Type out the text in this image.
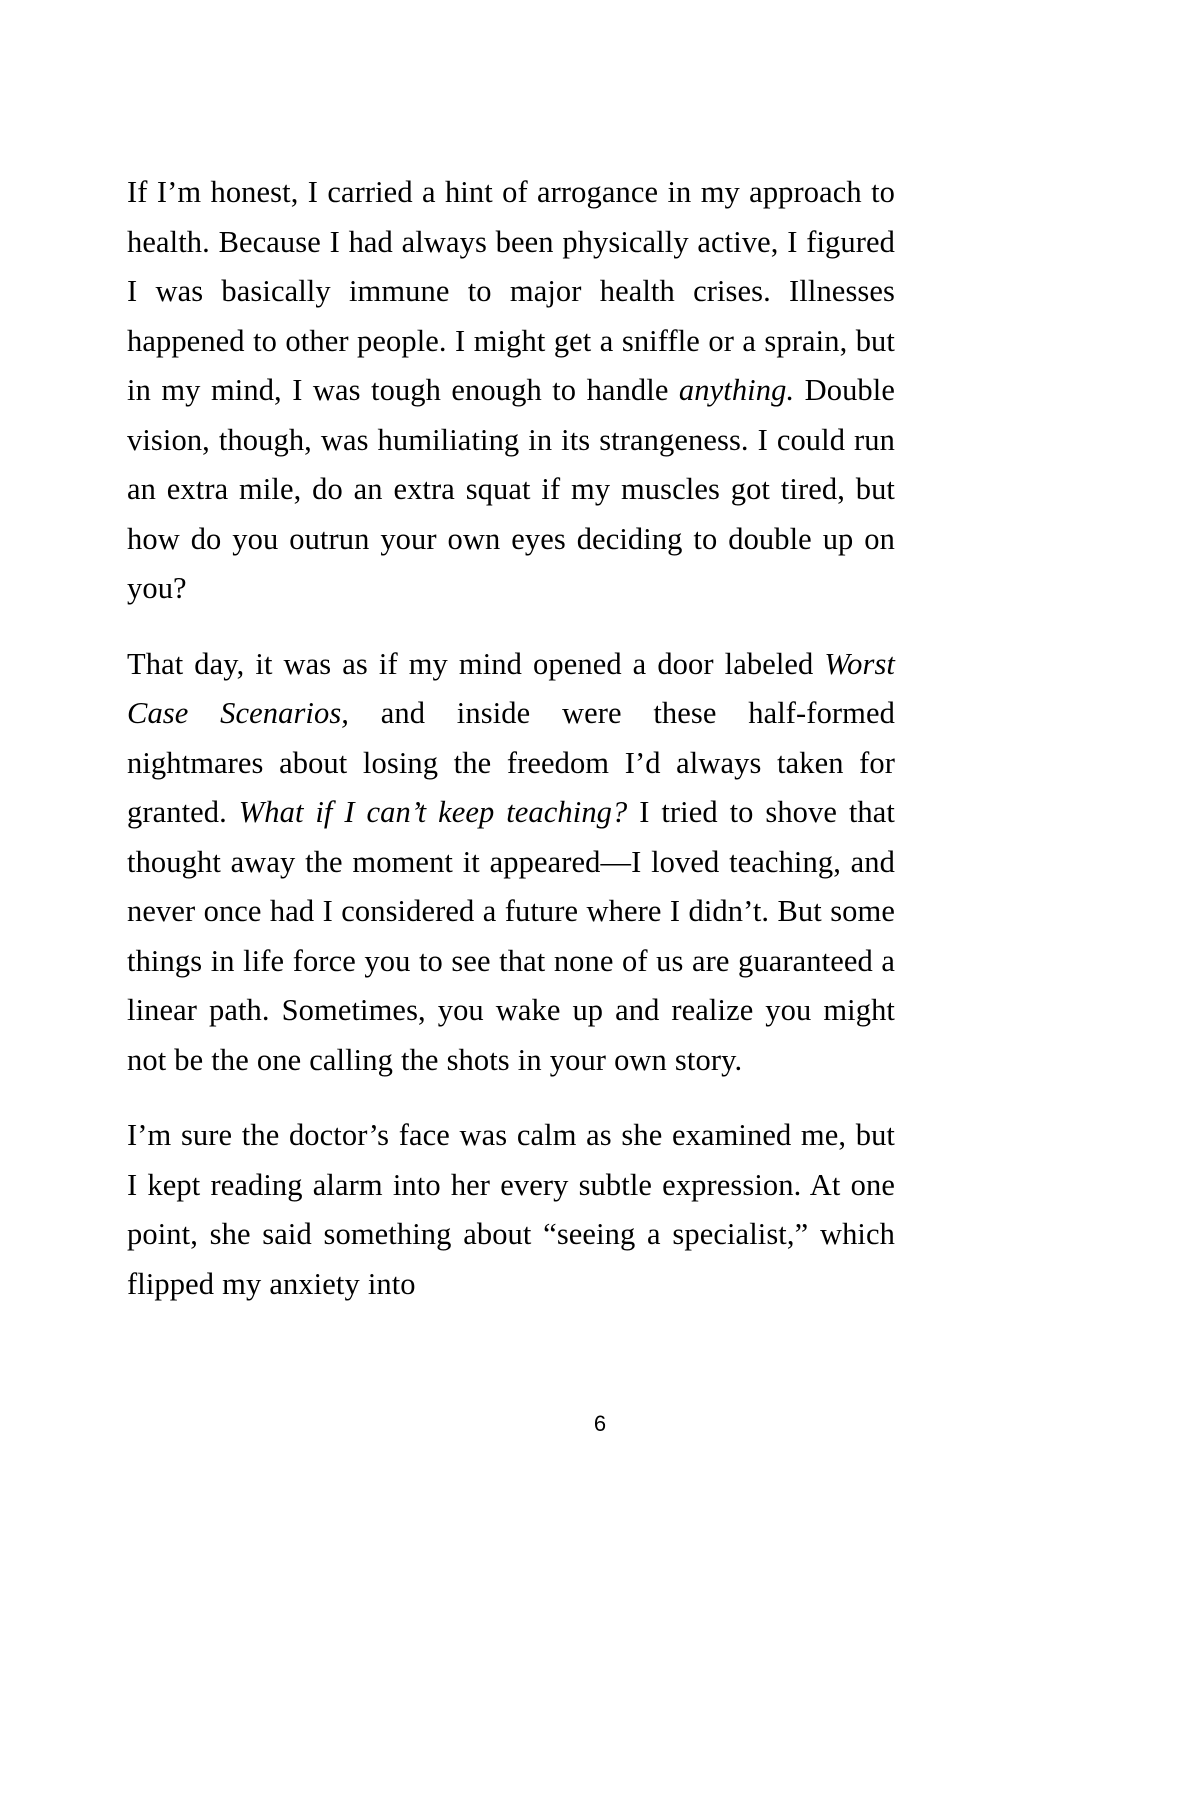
If I’m honest, I carried a hint of arrogance in my approach to health. Because I had always been physically active, I figured I was basically immune to major health crises. Illnesses happened to other people. I might get a sniffle or a sprain, but in my mind, I was tough enough to handle anything. Double vision, though, was humiliating in its strangeness. I could run an extra mile, do an extra squat if my muscles got tired, but how do you outrun your own eyes deciding to double up on you?

That day, it was as if my mind opened a door labeled Worst Case Scenarios, and inside were these half-formed nightmares about losing the freedom I’d always taken for granted. What if I can’t keep teaching? I tried to shove that thought away the moment it appeared—I loved teaching, and never once had I considered a future where I didn’t. But some things in life force you to see that none of us are guaranteed a linear path. Sometimes, you wake up and realize you might not be the one calling the shots in your own story.

I’m sure the doctor’s face was calm as she examined me, but I kept reading alarm into her every subtle expression. At one point, she said something about “seeing a specialist,” which flipped my anxiety into

6
